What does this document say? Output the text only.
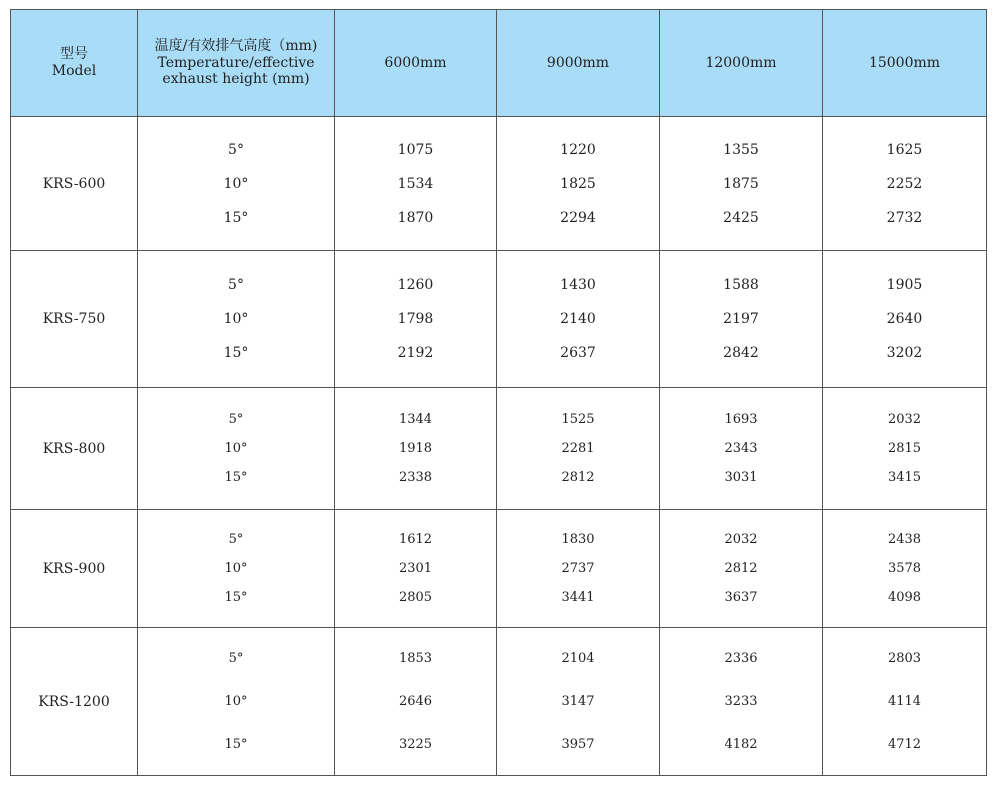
型号
Model	温度/有效排气高度（mm)
Temperature/effective
exhaust height (mm)	6000mm	9000mm	12000mm	15000mm
KRS-600	5°
10°
15°	1075
1534
1870	1220
1825
2294	1355
1875
2425	1625
2252
2732

KRS-750	5°
10°
15°	1260
1798
2192	1430
2140
2637	1588
2197
2842	1905
2640
3202

KRS-800	5°
10°
15°	1344
1918
2338	1525
2281
2812	1693
2343
3031	2032
2815
3415

KRS-900	5°
10°
15°	1612
2301
2805	1830
2737
3441	2032
2812
3637	2438
3578
4098

KRS-1200	5°
10°
15°	1853
2646
3225	2104
3147
3957	2336
3233
4182	2803
4114
4712
